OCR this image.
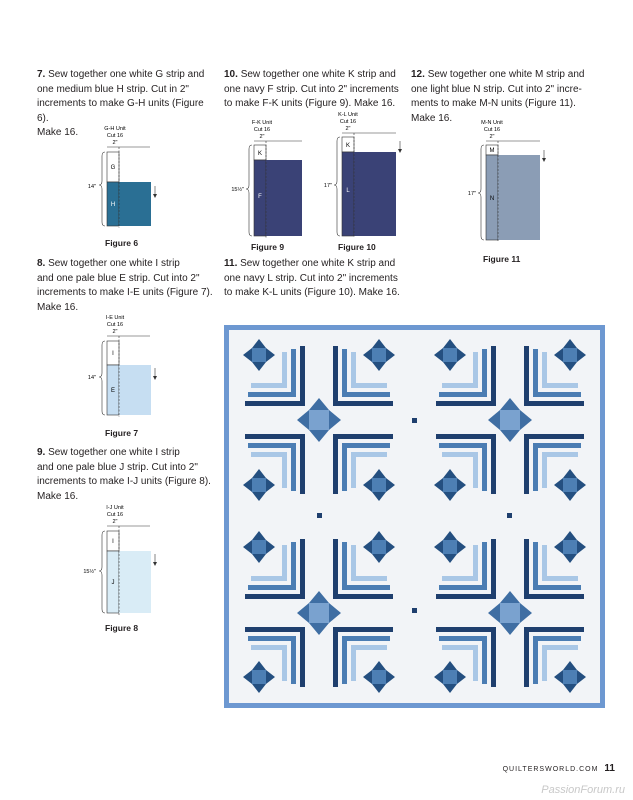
7. Sew together one white G strip and
one medium blue H strip. Cut in 2"
increments to make G-H units (Figure 6).
Make 16.
10. Sew together one white K strip and
one navy F strip. Cut into 2" increments
to make F-K units (Figure 9). Make 16.
12. Sew together one white M strip and
one light blue N strip. Cut into 2" incre-
ments to make M-N units (Figure 11).
Make 16.
8. Sew together one white I strip
and one pale blue E strip. Cut into 2"
increments to make I-E units (Figure 7).
Make 16.
11. Sew together one white K strip and
one navy L strip. Cut into 2" increments
to make K-L units (Figure 10). Make 16.
9. Sew together one white I strip
and one pale blue J strip. Cut into 2"
increments to make I-J units (Figure 8).
Make 16.
G-H Unit
Cut 16
2"
G
H
14"
Figure 6
I-E Unit
Cut 16
2"
I
E
14"
Figure 7
I-J Unit
Cut 16
2"
I
J
15½"
Figure 8
F-K Unit
Cut 16
2"
K
F
15½"
Figure 9
K-L Unit
Cut 16
2"
K
L
17"
Figure 10
M-N Unit
Cut 16
2"
M
N
17"
Figure 11
QUILTERSWORLD.COM 11
PassionForum.ru
